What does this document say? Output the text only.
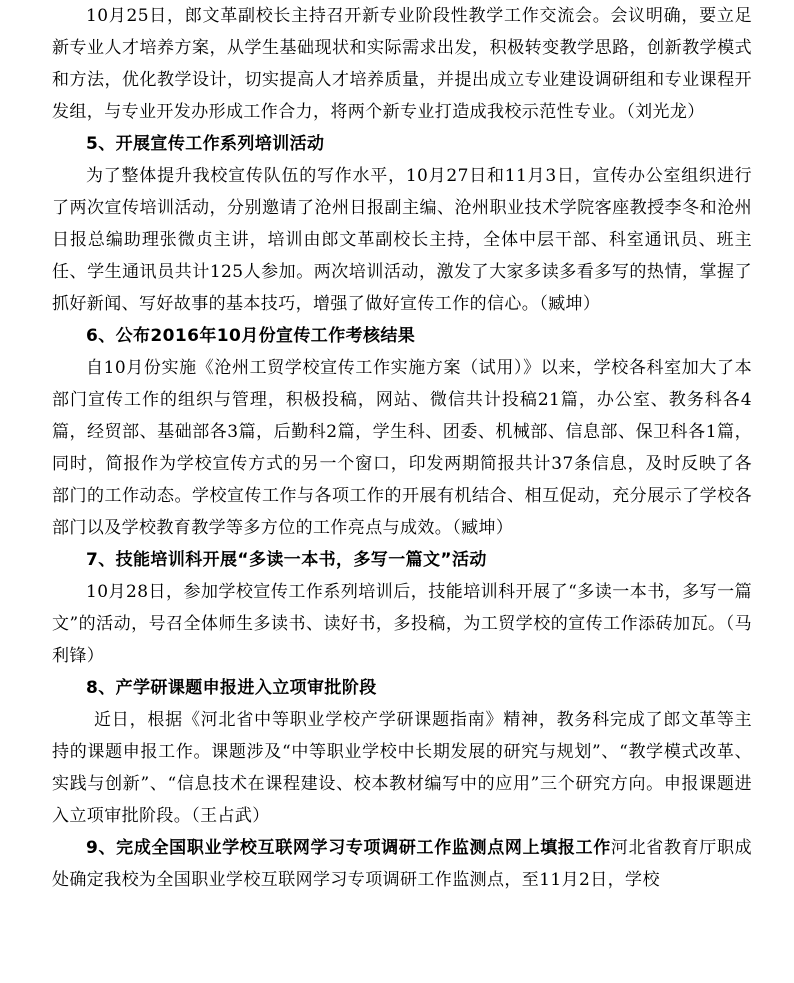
10月25日，郎文革副校长主持召开新专业阶段性教学工作交流会。会议明确，要立足新专业人才培养方案，从学生基础现状和实际需求出发，积极转变教学思路，创新教学模式和方法，优化教学设计，切实提高人才培养质量，并提出成立专业建设调研组和专业课程开发组，与专业开发办形成工作合力，将两个新专业打造成我校示范性专业。（刘光龙）

5、开展宣传工作系列培训活动

为了整体提升我校宣传队伍的写作水平，10月27日和11月3日，宣传办公室组织进行了两次宣传培训活动，分别邀请了沧州日报副主编、沧州职业技术学院客座教授李冬和沧州日报总编助理张微贞主讲，培训由郎文革副校长主持，全体中层干部、科室通讯员、班主任、学生通讯员共计125人参加。两次培训活动，激发了大家多读多看多写的热情，掌握了抓好新闻、写好故事的基本技巧，增强了做好宣传工作的信心。（臧坤）

6、公布2016年10月份宣传工作考核结果

自10月份实施《沧州工贸学校宣传工作实施方案（试用）》以来，学校各科室加大了本部门宣传工作的组织与管理，积极投稿，网站、微信共计投稿21篇，办公室、教务科各4篇，经贸部、基础部各3篇，后勤科2篇，学生科、团委、机械部、信息部、保卫科各1篇，同时，简报作为学校宣传方式的另一个窗口，印发两期简报共计37条信息，及时反映了各部门的工作动态。学校宣传工作与各项工作的开展有机结合、相互促动，充分展示了学校各部门以及学校教育教学等多方位的工作亮点与成效。（臧坤）

7、技能培训科开展“多读一本书，多写一篇文”活动

10月28日，参加学校宣传工作系列培训后，技能培训科开展了“多读一本书，多写一篇文”的活动，号召全体师生多读书、读好书，多投稿，为工贸学校的宣传工作添砖加瓦。（马利锋）

8、产学研课题申报进入立项审批阶段

近日，根据《河北省中等职业学校产学研课题指南》精神，教务科完成了郎文革等主持的课题申报工作。课题涉及“中等职业学校中长期发展的研究与规划”、“教学模式改革、实践与创新”、“信息技术在课程建设、校本教材编写中的应用”三个研究方向。申报课题进入立项审批阶段。（王占武）

9、完成全国职业学校互联网学习专项调研工作监测点网上填报工作河北省教育厅职成处确定我校为全国职业学校互联网学习专项调研工作监测点，至11月2日，学校
